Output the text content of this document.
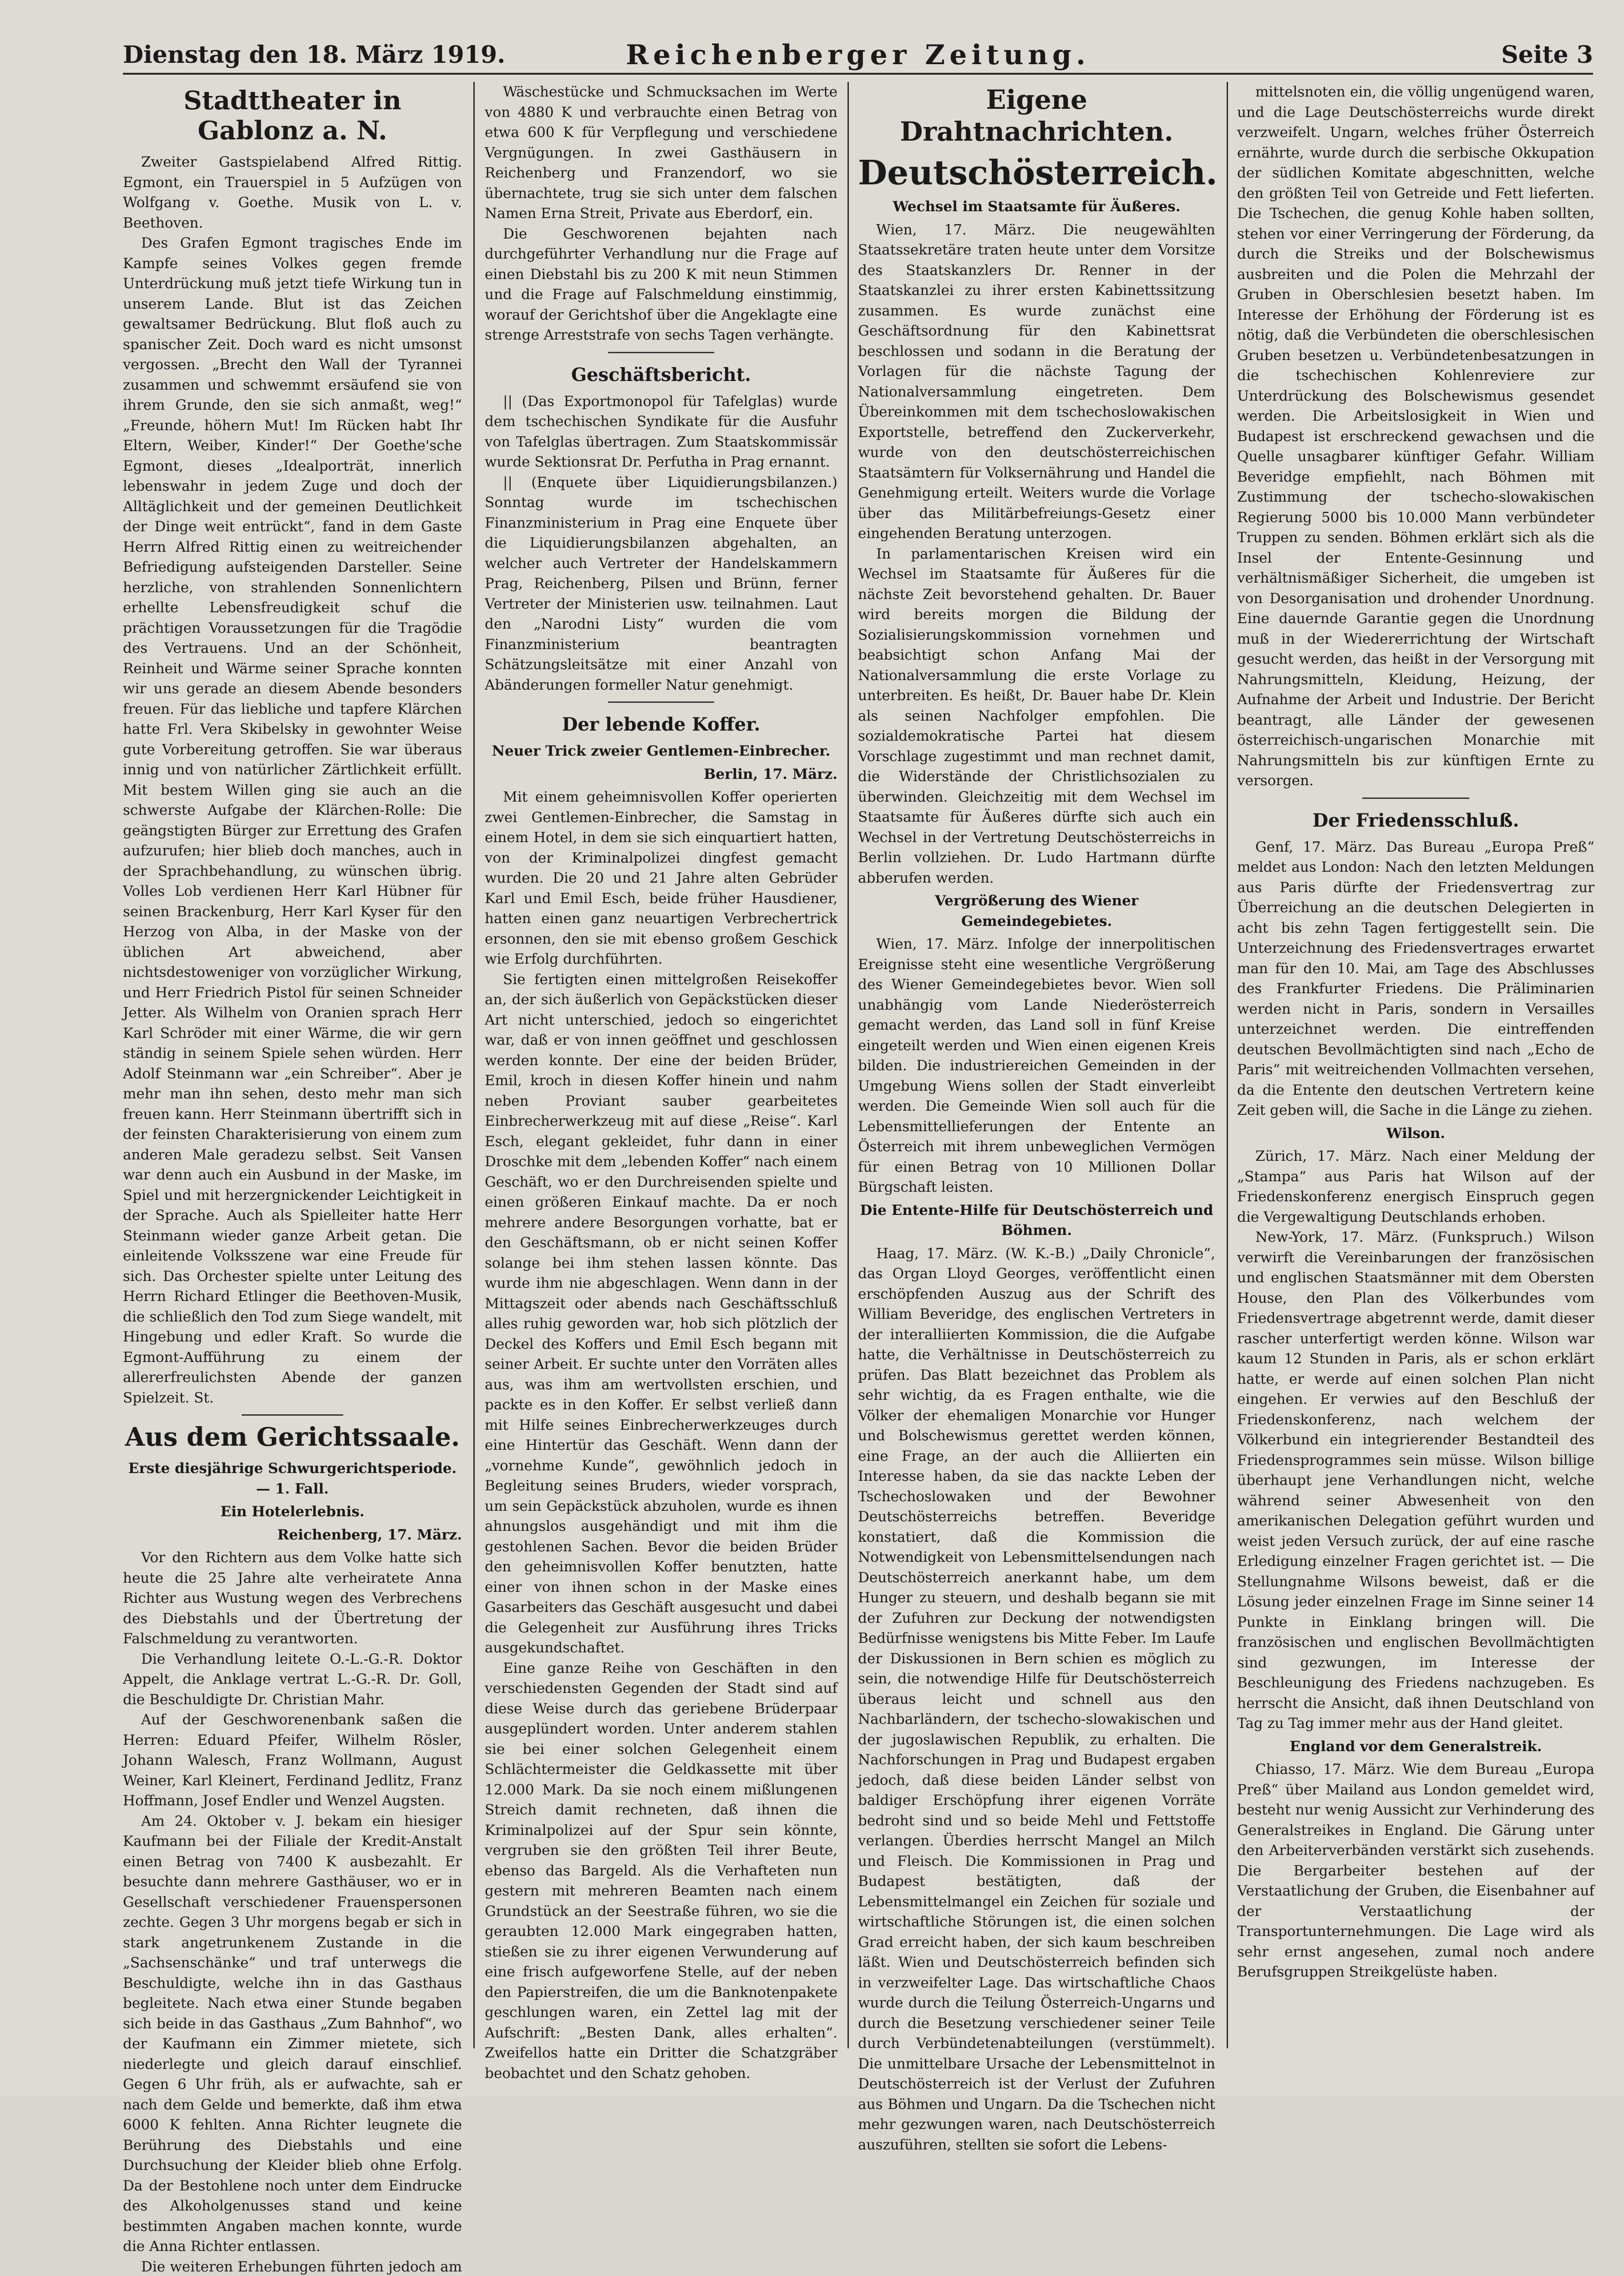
Dienstag den 18. März 1919.	Reichenberger Zeitung.	Seite 3
Stadttheater in Gablonz a. N.

Zweiter Gastspielabend Alfred Rittig. Egmont, ein Trauerspiel in 5 Aufzügen von Wolfgang v. Goethe. Musik von L. v. Beethoven.

Des Grafen Egmont tragisches Ende im Kampfe seines Volkes gegen fremde Unterdrückung muß jetzt tiefe Wirkung tun in unserem Lande. Blut ist das Zeichen gewaltsamer Bedrückung. Blut floß auch zu spanischer Zeit. Doch ward es nicht umsonst vergossen. „Brecht den Wall der Tyrannei zusammen und schwemmt ersäufend sie von ihrem Grunde, den sie sich anmaßt, weg!“ „Freunde, höhern Mut! Im Rücken habt Ihr Eltern, Weiber, Kinder!“ Der Goethe'sche Egmont, dieses „Idealporträt, innerlich lebenswahr in jedem Zuge und doch der Alltäglichkeit und der gemeinen Deutlichkeit der Dinge weit entrückt“, fand in dem Gaste Herrn Alfred Rittig einen zu weitreichender Befriedigung aufsteigenden Darsteller. Seine herzliche, von strahlenden Sonnenlichtern erhellte Lebensfreudigkeit schuf die prächtigen Voraussetzungen für die Tragödie des Vertrauens. Und an der Schönheit, Reinheit und Wärme seiner Sprache konnten wir uns gerade an diesem Abende besonders freuen. Für das liebliche und tapfere Klärchen hatte Frl. Vera Skibelsky in gewohnter Weise gute Vorbereitung getroffen. Sie war überaus innig und von natürlicher Zärtlichkeit erfüllt. Mit bestem Willen ging sie auch an die schwerste Aufgabe der Klärchen-Rolle: Die geängstigten Bürger zur Errettung des Grafen aufzurufen; hier blieb doch manches, auch in der Sprachbehandlung, zu wünschen übrig. Volles Lob verdienen Herr Karl Hübner für seinen Brackenburg, Herr Karl Kyser für den Herzog von Alba, in der Maske von der üblichen Art abweichend, aber nichtsdestoweniger von vorzüglicher Wirkung, und Herr Friedrich Pistol für seinen Schneider Jetter. Als Wilhelm von Oranien sprach Herr Karl Schröder mit einer Wärme, die wir gern ständig in seinem Spiele sehen würden. Herr Adolf Steinmann war „ein Schreiber“. Aber je mehr man ihn sehen, desto mehr man sich freuen kann. Herr Steinmann übertrifft sich in der feinsten Charakterisierung von einem zum anderen Male geradezu selbst. Seit Vansen war denn auch ein Ausbund in der Maske, im Spiel und mit herzergnickender Leichtigkeit in der Sprache. Auch als Spielleiter hatte Herr Steinmann wieder ganze Arbeit getan. Die einleitende Volksszene war eine Freude für sich. Das Orchester spielte unter Leitung des Herrn Richard Etlinger die Beethoven-Musik, die schließlich den Tod zum Siege wandelt, mit Hingebung und edler Kraft. So wurde die Egmont-Aufführung zu einem der allererfreulichsten Abende der ganzen Spielzeit. St.

Aus dem Gerichtssaale.
Erste diesjährige Schwurgerichtsperiode. — 1. Fall.
Ein Hotelerlebnis.
Reichenberg, 17. März.

Vor den Richtern aus dem Volke hatte sich heute die 25 Jahre alte verheiratete Anna Richter aus Wustung wegen des Verbrechens des Diebstahls und der Übertretung der Falschmeldung zu verantworten.

Die Verhandlung leitete O.-L.-G.-R. Doktor Appelt, die Anklage vertrat L.-G.-R. Dr. Goll, die Beschuldigte Dr. Christian Mahr.

Auf der Geschworenenbank saßen die Herren: Eduard Pfeifer, Wilhelm Rösler, Johann Walesch, Franz Wollmann, August Weiner, Karl Kleinert, Ferdinand Jedlitz, Franz Hoffmann, Josef Endler und Wenzel Augsten.

Am 24. Oktober v. J. bekam ein hiesiger Kaufmann bei der Filiale der Kredit-Anstalt einen Betrag von 7400 K ausbezahlt. Er besuchte dann mehrere Gasthäuser, wo er in Gesellschaft verschiedener Frauenspersonen zechte. Gegen 3 Uhr morgens begab er sich in stark angetrunkenem Zustande in die „Sachsenschänke“ und traf unterwegs die Beschuldigte, welche ihn in das Gasthaus begleitete. Nach etwa einer Stunde begaben sich beide in das Gasthaus „Zum Bahnhof“, wo der Kaufmann ein Zimmer mietete, sich niederlegte und gleich darauf einschlief. Gegen 6 Uhr früh, als er aufwachte, sah er nach dem Gelde und bemerkte, daß ihm etwa 6000 K fehlten. Anna Richter leugnete die Berührung des Diebstahls und eine Durchsuchung der Kleider blieb ohne Erfolg. Da der Bestohlene noch unter dem Eindrucke des Alkoholgenusses stand und keine bestimmten Angaben machen konnte, wurde die Anna Richter entlassen.

Die weiteren Erhebungen führten jedoch am

Wäschestücke und Schmucksachen im Werte von 4880 K und verbrauchte einen Betrag von etwa 600 K für Verpflegung und verschiedene Vergnügungen. In zwei Gasthäusern in Reichenberg und Franzendorf, wo sie übernachtete, trug sie sich unter dem falschen Namen Erna Streit, Private aus Eberdorf, ein.

Die Geschworenen bejahten nach durchgeführter Verhandlung nur die Frage auf einen Diebstahl bis zu 200 K mit neun Stimmen und die Frage auf Falschmeldung einstimmig, worauf der Gerichtshof über die Angeklagte eine strenge Arreststrafe von sechs Tagen verhängte.

Geschäftsbericht.

|| (Das Exportmonopol für Tafelglas) wurde dem tschechischen Syndikate für die Ausfuhr von Tafelglas übertragen. Zum Staatskommissär wurde Sektionsrat Dr. Perfutha in Prag ernannt.

|| (Enquete über Liquidierungsbilanzen.) Sonntag wurde im tschechischen Finanzministerium in Prag eine Enquete über die Liquidierungsbilanzen abgehalten, an welcher auch Vertreter der Handelskammern Prag, Reichenberg, Pilsen und Brünn, ferner Vertreter der Ministerien usw. teilnahmen. Laut den „Narodni Listy“ wurden die vom Finanzministerium beantragten Schätzungsleitsätze mit einer Anzahl von Abänderungen formeller Natur genehmigt.

Der lebende Koffer.
Neuer Trick zweier Gentlemen-Einbrecher.
Berlin, 17. März.

Mit einem geheimnisvollen Koffer operierten zwei Gentlemen-Einbrecher, die Samstag in einem Hotel, in dem sie sich einquartiert hatten, von der Kriminalpolizei dingfest gemacht wurden. Die 20 und 21 Jahre alten Gebrüder Karl und Emil Esch, beide früher Hausdiener, hatten einen ganz neuartigen Verbrechertrick ersonnen, den sie mit ebenso großem Geschick wie Erfolg durchführten.

Sie fertigten einen mittelgroßen Reisekoffer an, der sich äußerlich von Gepäckstücken dieser Art nicht unterschied, jedoch so eingerichtet war, daß er von innen geöffnet und geschlossen werden konnte. Der eine der beiden Brüder, Emil, kroch in diesen Koffer hinein und nahm neben Proviant sauber gearbeitetes Einbrecherwerkzeug mit auf diese „Reise“. Karl Esch, elegant gekleidet, fuhr dann in einer Droschke mit dem „lebenden Koffer“ nach einem Geschäft, wo er den Durchreisenden spielte und einen größeren Einkauf machte. Da er noch mehrere andere Besorgungen vorhatte, bat er den Geschäftsmann, ob er nicht seinen Koffer solange bei ihm stehen lassen könnte. Das wurde ihm nie abgeschlagen. Wenn dann in der Mittagszeit oder abends nach Geschäftsschluß alles ruhig geworden war, hob sich plötzlich der Deckel des Koffers und Emil Esch begann mit seiner Arbeit. Er suchte unter den Vorräten alles aus, was ihm am wertvollsten erschien, und packte es in den Koffer. Er selbst verließ dann mit Hilfe seines Einbrecherwerkzeuges durch eine Hintertür das Geschäft. Wenn dann der „vornehme Kunde“, gewöhnlich jedoch in Begleitung seines Bruders, wieder vorsprach, um sein Gepäckstück abzuholen, wurde es ihnen ahnungslos ausgehändigt und mit ihm die gestohlenen Sachen. Bevor die beiden Brüder den geheimnisvollen Koffer benutzten, hatte einer von ihnen schon in der Maske eines Gasarbeiters das Geschäft ausgesucht und dabei die Gelegenheit zur Ausführung ihres Tricks ausgekundschaftet.

Eine ganze Reihe von Geschäften in den verschiedensten Gegenden der Stadt sind auf diese Weise durch das geriebene Brüderpaar ausgeplündert worden. Unter anderem stahlen sie bei einer solchen Gelegenheit einem Schlächtermeister die Geldkassette mit über 12.000 Mark. Da sie noch einem mißlungenen Streich damit rechneten, daß ihnen die Kriminalpolizei auf der Spur sein könnte, vergruben sie den größten Teil ihrer Beute, ebenso das Bargeld. Als die Verhafteten nun gestern mit mehreren Beamten nach einem Grundstück an der Seestraße führen, wo sie die geraubten 12.000 Mark eingegraben hatten, stießen sie zu ihrer eigenen Verwunderung auf eine frisch aufgeworfene Stelle, auf der neben den Papierstreifen, die um die Banknotenpakete geschlungen waren, ein Zettel lag mit der Aufschrift: „Besten Dank, alles erhalten“. Zweifellos hatte ein Dritter die Schatzgräber beobachtet und den Schatz gehoben.

Eigene Drahtnachrichten.
Deutschösterreich.
Wechsel im Staatsamte für Äußeres.

Wien, 17. März. Die neugewählten Staatssekretäre traten heute unter dem Vorsitze des Staatskanzlers Dr. Renner in der Staatskanzlei zu ihrer ersten Kabinettssitzung zusammen. Es wurde zunächst eine Geschäftsordnung für den Kabinettsrat beschlossen und sodann in die Beratung der Vorlagen für die nächste Tagung der Nationalversammlung eingetreten. Dem Übereinkommen mit dem tschechoslowakischen Exportstelle, betreffend den Zuckerverkehr, wurde von den deutschösterreichischen Staatsämtern für Volksernährung und Handel die Genehmigung erteilt. Weiters wurde die Vorlage über das Militärbefreiungs-Gesetz einer eingehenden Beratung unterzogen.

In parlamentarischen Kreisen wird ein Wechsel im Staatsamte für Äußeres für die nächste Zeit bevorstehend gehalten. Dr. Bauer wird bereits morgen die Bildung der Sozialisierungskommission vornehmen und beabsichtigt schon Anfang Mai der Nationalversammlung die erste Vorlage zu unterbreiten. Es heißt, Dr. Bauer habe Dr. Klein als seinen Nachfolger empfohlen. Die sozialdemokratische Partei hat diesem Vorschlage zugestimmt und man rechnet damit, die Widerstände der Christlichsozialen zu überwinden. Gleichzeitig mit dem Wechsel im Staatsamte für Äußeres dürfte sich auch ein Wechsel in der Vertretung Deutschösterreichs in Berlin vollziehen. Dr. Ludo Hartmann dürfte abberufen werden.

Vergrößerung des Wiener Gemeindegebietes.

Wien, 17. März. Infolge der innerpolitischen Ereignisse steht eine wesentliche Vergrößerung des Wiener Gemeindegebietes bevor. Wien soll unabhängig vom Lande Niederösterreich gemacht werden, das Land soll in fünf Kreise eingeteilt werden und Wien einen eigenen Kreis bilden. Die industriereichen Gemeinden in der Umgebung Wiens sollen der Stadt einverleibt werden. Die Gemeinde Wien soll auch für die Lebensmittellieferungen der Entente an Österreich mit ihrem unbeweglichen Vermögen für einen Betrag von 10 Millionen Dollar Bürgschaft leisten.

Die Entente-Hilfe für Deutschösterreich und Böhmen.

Haag, 17. März. (W. K.-B.) „Daily Chronicle“, das Organ Lloyd Georges, veröffentlicht einen erschöpfenden Auszug aus der Schrift des William Beveridge, des englischen Vertreters in der interalliierten Kommission, die die Aufgabe hatte, die Verhältnisse in Deutschösterreich zu prüfen. Das Blatt bezeichnet das Problem als sehr wichtig, da es Fragen enthalte, wie die Völker der ehemaligen Monarchie vor Hunger und Bolschewismus gerettet werden können, eine Frage, an der auch die Alliierten ein Interesse haben, da sie das nackte Leben der Tschechoslowaken und der Bewohner Deutschösterreichs betreffen. Beveridge konstatiert, daß die Kommission die Notwendigkeit von Lebensmittelsendungen nach Deutschösterreich anerkannt habe, um dem Hunger zu steuern, und deshalb begann sie mit der Zufuhren zur Deckung der notwendigsten Bedürfnisse wenigstens bis Mitte Feber. Im Laufe der Diskussionen in Bern schien es möglich zu sein, die notwendige Hilfe für Deutschösterreich überaus leicht und schnell aus den Nachbarländern, der tschecho-slowakischen und der jugoslawischen Republik, zu erhalten. Die Nachforschungen in Prag und Budapest ergaben jedoch, daß diese beiden Länder selbst von baldiger Erschöpfung ihrer eigenen Vorräte bedroht sind und so beide Mehl und Fettstoffe verlangen. Überdies herrscht Mangel an Milch und Fleisch. Die Kommissionen in Prag und Budapest bestätigten, daß der Lebensmittelmangel ein Zeichen für soziale und wirtschaftliche Störungen ist, die einen solchen Grad erreicht haben, der sich kaum beschreiben läßt. Wien und Deutschösterreich befinden sich in verzweifelter Lage. Das wirtschaftliche Chaos wurde durch die Teilung Österreich-Ungarns und durch die Besetzung verschiedener seiner Teile durch Verbündetenabteilungen (verstümmelt). Die unmittelbare Ursache der Lebensmittelnot in Deutschösterreich ist der Verlust der Zufuhren aus Böhmen und Ungarn. Da die Tschechen nicht mehr gezwungen waren, nach Deutschösterreich auszuführen, stellten sie sofort die Lebens-

mittelsnoten ein, die völlig ungenügend waren, und die Lage Deutschösterreichs wurde direkt verzweifelt. Ungarn, welches früher Österreich ernährte, wurde durch die serbische Okkupation der südlichen Komitate abgeschnitten, welche den größten Teil von Getreide und Fett lieferten. Die Tschechen, die genug Kohle haben sollten, stehen vor einer Verringerung der Förderung, da durch die Streiks und der Bolschewismus ausbreiten und die Polen die Mehrzahl der Gruben in Oberschlesien besetzt haben. Im Interesse der Erhöhung der Förderung ist es nötig, daß die Verbündeten die oberschlesischen Gruben besetzen u. Verbündetenbesatzungen in die tschechischen Kohlenreviere zur Unterdrückung des Bolschewismus gesendet werden. Die Arbeitslosigkeit in Wien und Budapest ist erschreckend gewachsen und die Quelle unsagbarer künftiger Gefahr. William Beveridge empfiehlt, nach Böhmen mit Zustimmung der tschecho-slowakischen Regierung 5000 bis 10.000 Mann verbündeter Truppen zu senden. Böhmen erklärt sich als die Insel der Entente-Gesinnung und verhältnismäßiger Sicherheit, die umgeben ist von Desorganisation und drohender Unordnung. Eine dauernde Garantie gegen die Unordnung muß in der Wiedererrichtung der Wirtschaft gesucht werden, das heißt in der Versorgung mit Nahrungsmitteln, Kleidung, Heizung, der Aufnahme der Arbeit und Industrie. Der Bericht beantragt, alle Länder der gewesenen österreichisch-ungarischen Monarchie mit Nahrungsmitteln bis zur künftigen Ernte zu versorgen.

Der Friedensschluß.

Genf, 17. März. Das Bureau „Europa Preß“ meldet aus London: Nach den letzten Meldungen aus Paris dürfte der Friedensvertrag zur Überreichung an die deutschen Delegierten in acht bis zehn Tagen fertiggestellt sein. Die Unterzeichnung des Friedensvertrages erwartet man für den 10. Mai, am Tage des Abschlusses des Frankfurter Friedens. Die Präliminarien werden nicht in Paris, sondern in Versailles unterzeichnet werden. Die eintreffenden deutschen Bevollmächtigten sind nach „Echo de Paris“ mit weitreichenden Vollmachten versehen, da die Entente den deutschen Vertretern keine Zeit geben will, die Sache in die Länge zu ziehen.

Wilson.

Zürich, 17. März. Nach einer Meldung der „Stampa“ aus Paris hat Wilson auf der Friedenskonferenz energisch Einspruch gegen die Vergewaltigung Deutschlands erhoben.

New-York, 17. März. (Funkspruch.) Wilson verwirft die Vereinbarungen der französischen und englischen Staatsmänner mit dem Obersten House, den Plan des Völkerbundes vom Friedensvertrage abgetrennt werde, damit dieser rascher unterfertigt werden könne. Wilson war kaum 12 Stunden in Paris, als er schon erklärt hatte, er werde auf einen solchen Plan nicht eingehen. Er verwies auf den Beschluß der Friedenskonferenz, nach welchem der Völkerbund ein integrierender Bestandteil des Friedensprogrammes sein müsse. Wilson billige überhaupt jene Verhandlungen nicht, welche während seiner Abwesenheit von den amerikanischen Delegation geführt wurden und weist jeden Versuch zurück, der auf eine rasche Erledigung einzelner Fragen gerichtet ist. — Die Stellungnahme Wilsons beweist, daß er die Lösung jeder einzelnen Frage im Sinne seiner 14 Punkte in Einklang bringen will. Die französischen und englischen Bevollmächtigten sind gezwungen, im Interesse der Beschleunigung des Friedens nachzugeben. Es herrscht die Ansicht, daß ihnen Deutschland von Tag zu Tag immer mehr aus der Hand gleitet.

England vor dem Generalstreik.

Chiasso, 17. März. Wie dem Bureau „Europa Preß“ über Mailand aus London gemeldet wird, besteht nur wenig Aussicht zur Verhinderung des Generalstreikes in England. Die Gärung unter den Arbeiterverbänden verstärkt sich zusehends. Die Bergarbeiter bestehen auf der Verstaatlichung der Gruben, die Eisenbahner auf der Verstaatlichung der Transportunternehmungen. Die Lage wird als sehr ernst angesehen, zumal noch andere Berufsgruppen Streikgelüste haben.
